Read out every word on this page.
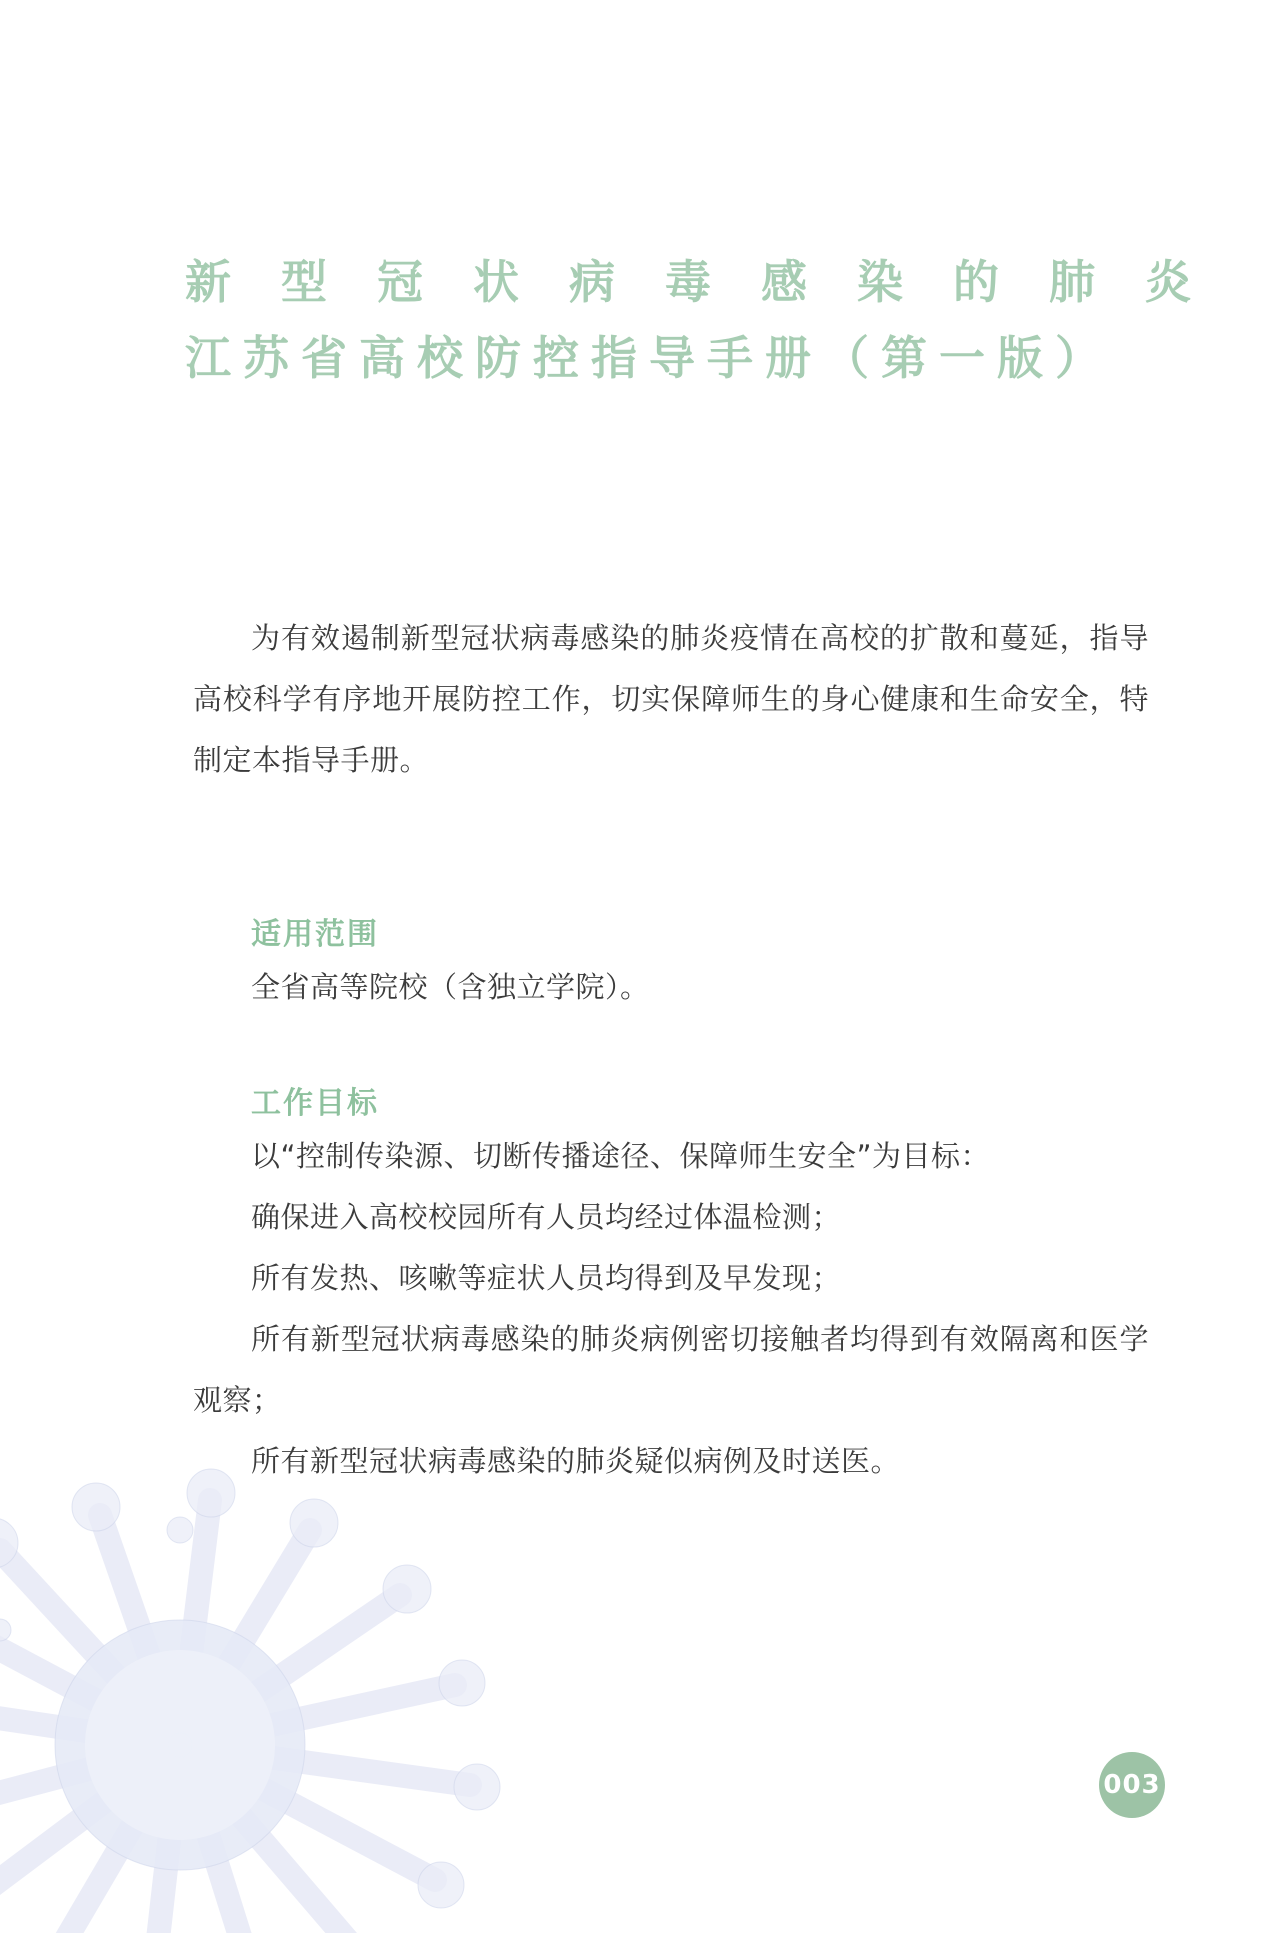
新型冠状病毒感染的肺炎
江苏省高校防控指导手册（第一版）

为有效遏制新型冠状病毒感染的肺炎疫情在高校的扩散和蔓延，指导高校科学有序地开展防控工作，切实保障师生的身心健康和生命安全，特制定本指导手册。

适用范围

全省高等院校（含独立学院）。

工作目标

以“控制传染源、切断传播途径、保障师生安全”为目标：

确保进入高校校园所有人员均经过体温检测；

所有发热、咳嗽等症状人员均得到及早发现；

所有新型冠状病毒感染的肺炎病例密切接触者均得到有效隔离和医学观察；

所有新型冠状病毒感染的肺炎疑似病例及时送医。

003
